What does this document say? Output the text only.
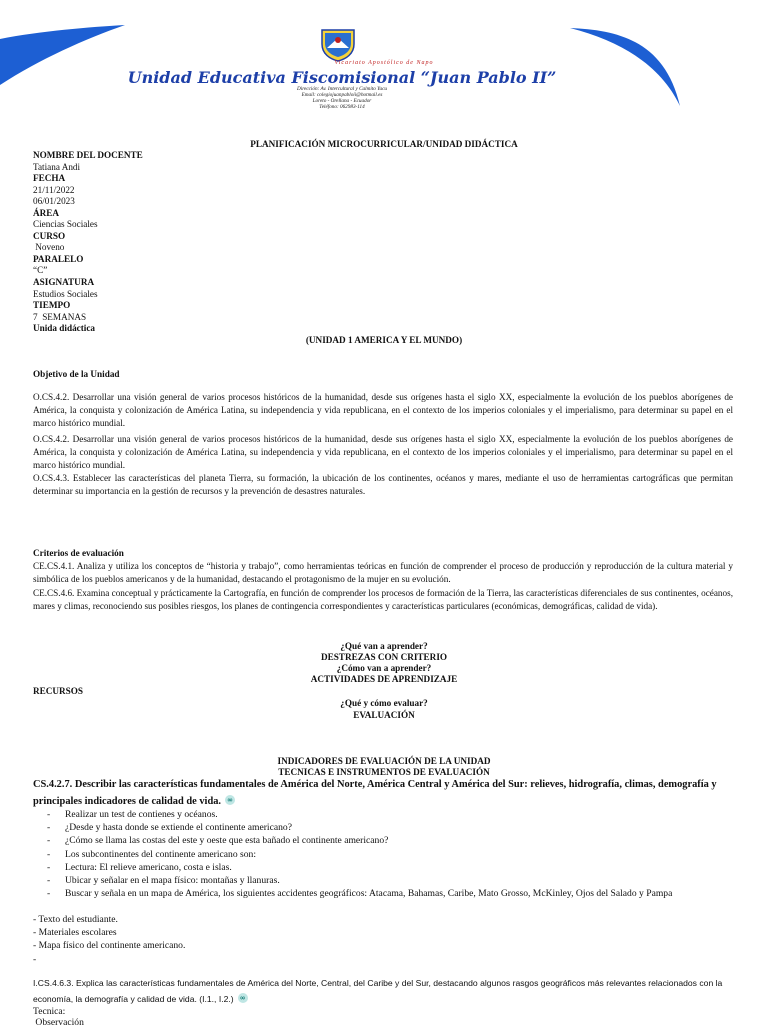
Vicariato Apostólico de Napo
Unidad Educativa Fiscomisional “Juan Pablo II”
Dirección: Av. Intercultural y Calmito Yacu
Email: colegiojuanpabloii@hotmail.es
Loreto - Orellana - Ecuador
Teléfono: 062983-114
PLANIFICACIÓN MICROCURRICULAR/UNIDAD DIDÁCTICA
NOMBRE DEL DOCENTE
Tatiana Andi
FECHA
21/11/2022
06/01/2023
ÁREA
Ciencias Sociales
CURSO
Noveno
PARALELO
“C”
ASIGNATURA
Estudios Sociales
TIEMPO
7  SEMANAS
Unida didáctica
(UNIDAD 1 AMERICA Y EL MUNDO)
Objetivo de la Unidad
O.CS.4.2. Desarrollar una visión general de varios procesos históricos de la humanidad, desde sus orígenes hasta el siglo XX, especialmente la evolución de los pueblos aborígenes de América, la conquista y colonización de América Latina, su independencia y vida republicana, en el contexto de los imperios coloniales y el imperialismo, para determinar su papel en el marco histórico mundial.
O.CS.4.2. Desarrollar una visión general de varios procesos históricos de la humanidad, desde sus orígenes hasta el siglo XX, especialmente la evolución de los pueblos aborígenes de América, la conquista y colonización de América Latina, su independencia y vida republicana, en el contexto de los imperios coloniales y el imperialismo, para determinar su papel en el marco histórico mundial.
O.CS.4.3. Establecer las características del planeta Tierra, su formación, la ubicación de los continentes, océanos y mares, mediante el uso de herramientas cartográficas que permitan determinar su importancia en la gestión de recursos y la prevención de desastres naturales.
Criterios de evaluación
CE.CS.4.1. Analiza y utiliza los conceptos de “historia y trabajo”, como herramientas teóricas en función de comprender el proceso de producción y reproducción de la cultura material y simbólica de los pueblos americanos y de la humanidad, destacando el protagonismo de la mujer en su evolución.
CE.CS.4.6. Examina conceptual y prácticamente la Cartografía, en función de comprender los procesos de formación de la Tierra, las características diferenciales de sus continentes, océanos, mares y climas, reconociendo sus posibles riesgos, los planes de contingencia correspondientes y características particulares (económicas, demográficas, calidad de vida).
¿Qué van a aprender?
DESTREZAS CON CRITERIO
¿Cómo van a aprender?
ACTIVIDADES DE APRENDIZAJE
RECURSOS
¿Qué y cómo evaluar?
EVALUACIÓN
INDICADORES DE EVALUACIÓN DE LA UNIDAD
TECNICAS E INSTRUMENTOS DE EVALUACIÓN
CS.4.2.7. Describir las características fundamentales de América del Norte, América Central y América del Sur: relieves, hidrografía, climas, demografía y principales indicadores de calidad de vida. ∞
-	Realizar un test de contienes y océanos.
-	¿Desde y hasta donde se extiende el continente americano?
-	¿Cómo se llama las costas del este y oeste que esta bañado el continente americano?
-	Los subcontinentes del continente americano son:
-	Lectura: El relieve americano, costa e islas.
-	Ubicar y señalar en el mapa físico: montañas y llanuras.
-	Buscar y señala en un mapa de América, los siguientes accidentes geográficos: Atacama, Bahamas, Caribe, Mato Grosso, McKinley, Ojos del Salado y Pampa
- Texto del estudiante.
- Materiales escolares
- Mapa físico del continente americano.
-
I.CS.4.6.3. Explica las características fundamentales de América del Norte, Central, del Caribe y del Sur, destacando algunos rasgos geográficos más relevantes relacionados con la economía, la demografía y calidad de vida. (I.1., I.2.) ∞
Tecnica:
Observación
